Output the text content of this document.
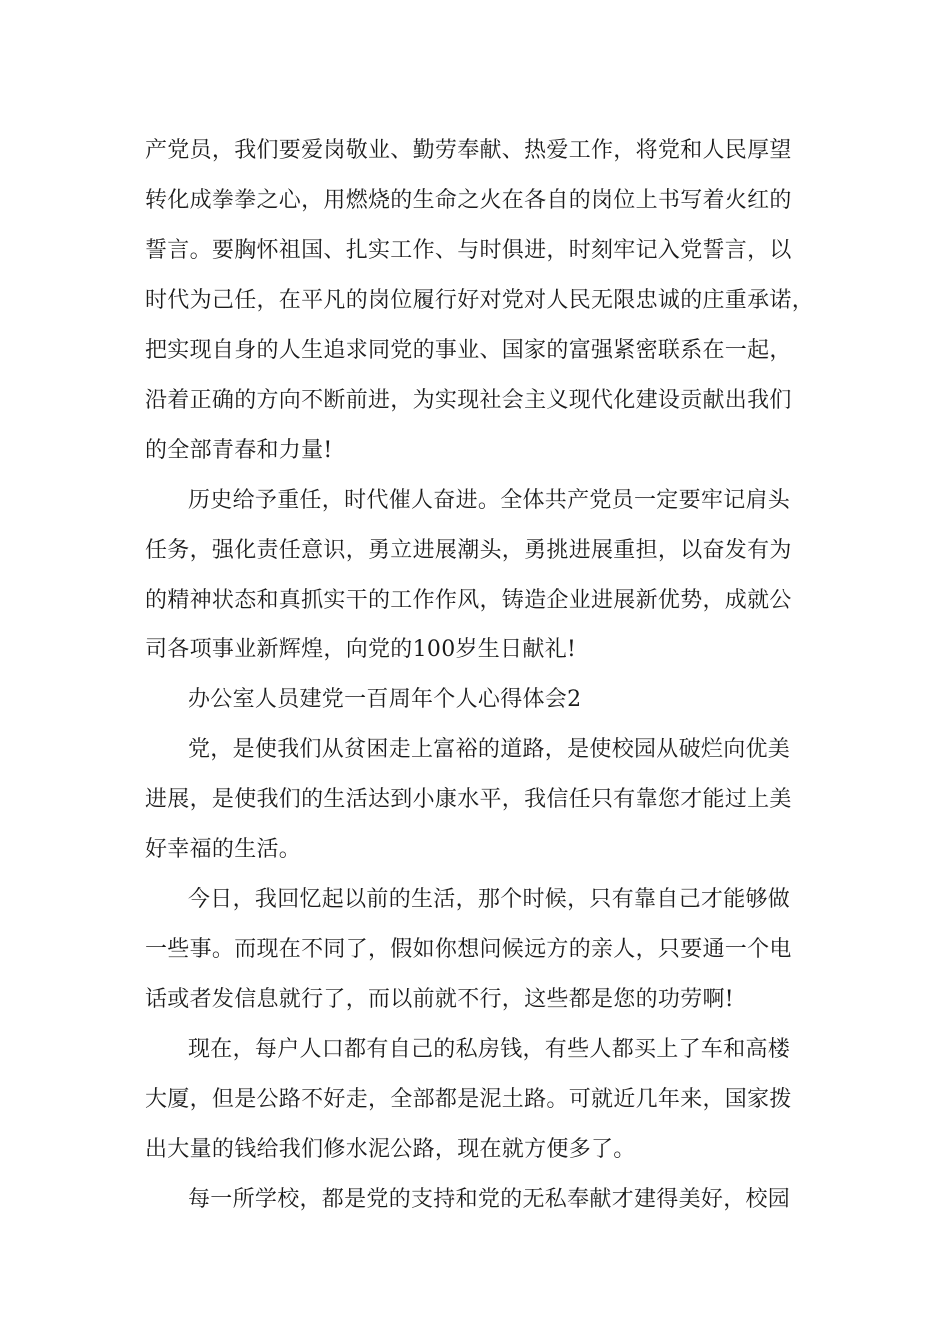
产党员，我们要爱岗敬业、勤劳奉献、热爱工作，将党和人民厚望

转化成拳拳之心，用燃烧的生命之火在各自的岗位上书写着火红的

誓言。要胸怀祖国、扎实工作、与时俱进，时刻牢记入党誓言，以

时代为己任，在平凡的岗位履行好对党对人民无限忠诚的庄重承诺，

把实现自身的人生追求同党的事业、国家的富强紧密联系在一起，

沿着正确的方向不断前进，为实现社会主义现代化建设贡献出我们

的全部青春和力量!

历史给予重任，时代催人奋进。全体共产党员一定要牢记肩头

任务，强化责任意识，勇立进展潮头，勇挑进展重担，以奋发有为

的精神状态和真抓实干的工作作风，铸造企业进展新优势，成就公

司各项事业新辉煌，向党的100岁生日献礼!

办公室人员建党一百周年个人心得体会2

党，是使我们从贫困走上富裕的道路，是使校园从破烂向优美

进展，是使我们的生活达到小康水平，我信任只有靠您才能过上美

好幸福的生活。

今日，我回忆起以前的生活，那个时候，只有靠自己才能够做

一些事。而现在不同了，假如你想问候远方的亲人，只要通一个电

话或者发信息就行了，而以前就不行，这些都是您的功劳啊!

现在，每户人口都有自己的私房钱，有些人都买上了车和高楼

大厦，但是公路不好走，全部都是泥土路。可就近几年来，国家拨

出大量的钱给我们修水泥公路，现在就方便多了。

每一所学校，都是党的支持和党的无私奉献才建得美好，校园
